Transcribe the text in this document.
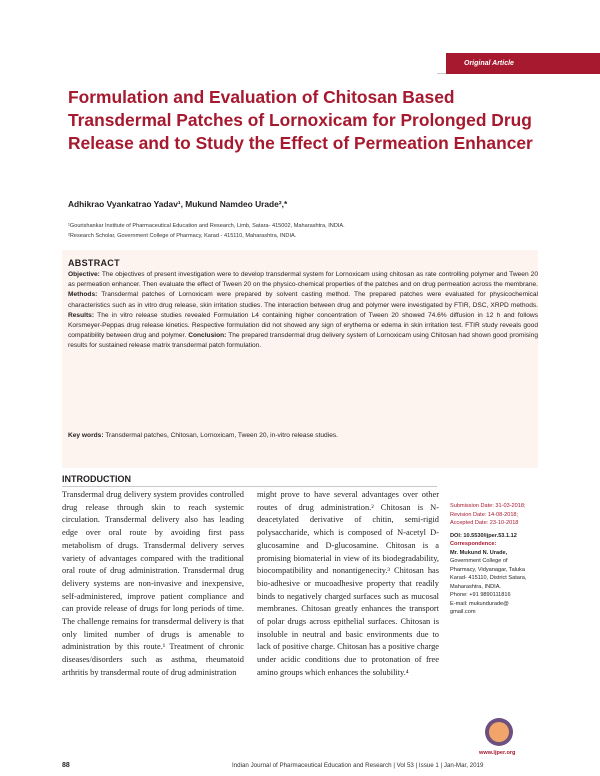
Original Article
Formulation and Evaluation of Chitosan Based Transdermal Patches of Lornoxicam for Prolonged Drug Release and to Study the Effect of Permeation Enhancer
Adhikrao Vyankatrao Yadav¹, Mukund Namdeo Urade²,*
¹Gourishankar Institute of Pharmaceutical Education and Research, Limb, Satara- 415002, Maharashtra, INDIA.
²Research Scholar, Government College of Pharmacy, Karad - 415110, Maharashtra, INDIA.
ABSTRACT
Objective: The objectives of present investigation were to develop transdermal system for Lornoxicam using chitosan as rate controlling polymer and Tween 20 as permeation enhancer. Then evaluate the effect of Tween 20 on the physico-chemical properties of the patches and on drug permeation across the membrane. Methods: Transdermal patches of Lornoxicam were prepared by solvent casting method. The prepared patches were evaluated for physicochemical characteristics such as in vitro drug release, skin irritation studies. The interaction between drug and polymer were investigated by FTIR, DSC, XRPD methods. Results: The in vitro release studies revealed Formulation L4 containing higher concentration of Tween 20 showed 74.6% diffusion in 12 h and follows Korsmeyer-Peppas drug release kinetics. Respective formulation did not showed any sign of erythema or edema in skin irritation test. FTIR study reveals good compatibility between drug and polymer. Conclusion: The prepared transdermal drug delivery system of Lornoxicam using Chitosan had shown good promising results for sustained release matrix transdermal patch formulation.
Key words: Transdermal patches, Chitosan, Lornoxicam, Tween 20, in-vitro release studies.
INTRODUCTION

Transdermal drug delivery system provides controlled drug release through skin to reach systemic circulation. Transdermal delivery also has leading edge over oral route by avoiding first pass metabolism of drugs. Transdermal delivery serves variety of advantages compared with the traditional oral route of drug administration. Transdermal drug delivery systems are non-invasive and inexpensive, self-administered, improve patient compliance and can provide release of drugs for long periods of time. The challenge remains for transdermal delivery is that only limited number of drugs is amenable to administration by this route.¹ Treatment of chronic diseases/disorders such as asthma, rheumatoid arthritis by transdermal route of drug administration

might prove to have several advantages over other routes of drug administration.² Chitosan is N-deacetylated derivative of chitin, semi-rigid polysaccharide, which is composed of N-acetyl D-glucosamine and D-glucosamine. Chitosan is a promising biomaterial in view of its biodegradability, biocompatibility and nonantigenecity.³ Chitosan has bio-adhesive or mucoadhesive property that readily binds to negatively charged surfaces such as mucosal membranes. Chitosan greatly enhances the transport of polar drugs across epithelial surfaces. Chitosan is insoluble in neutral and basic environments due to lack of positive charge. Chitosan has a positive charge under acidic conditions due to protonation of free amino groups which enhances the solubility.⁴

Submission Date: 31-03-2018;
Revision Date: 14-08-2018;
Accepted Date: 23-10-2018
DOI: 10.5530/ijper.53.1.12
Correspondence:
Mr. Mukund N. Urade,
Government College of
Pharmacy, Vidyanagar, Taluka
Karad- 415110, District Satara,
Maharashtra, INDIA.
Phone: +91 9890111816
E-mail: mukundurade@
gmail.com
www.ijper.org
88	Indian Journal of Pharmaceutical Education and Research | Vol 53 | Issue 1 | Jan-Mar, 2019
